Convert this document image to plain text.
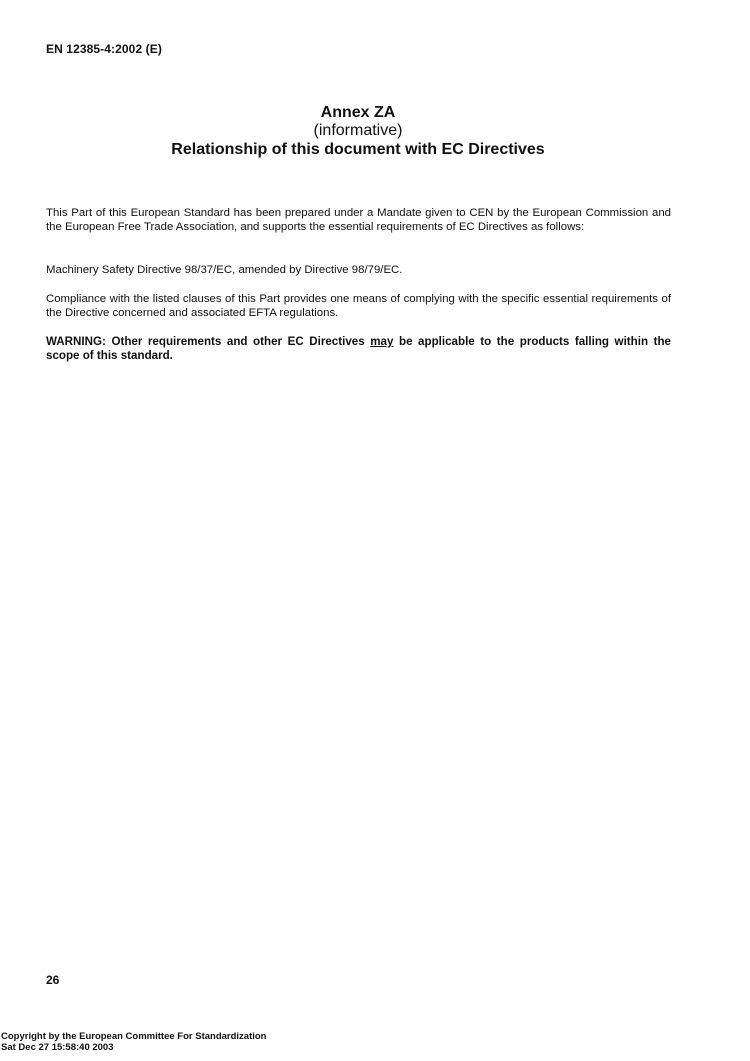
EN 12385-4:2002 (E)
Annex ZA
(informative)
Relationship of this document with EC Directives

This Part of this European Standard has been prepared under a Mandate given to CEN by the European Commission and the European Free Trade Association, and supports the essential requirements of EC Directives as follows:

Machinery Safety Directive 98/37/EC, amended by Directive 98/79/EC.

Compliance with the listed clauses of this Part provides one means of complying with the specific essential requirements of the Directive concerned and associated EFTA regulations.

WARNING: Other requirements and other EC Directives may be applicable to the products falling within the scope of this standard.

26
Copyright by the European Committee For Standardization
Sat Dec 27 15:58:40 2003
